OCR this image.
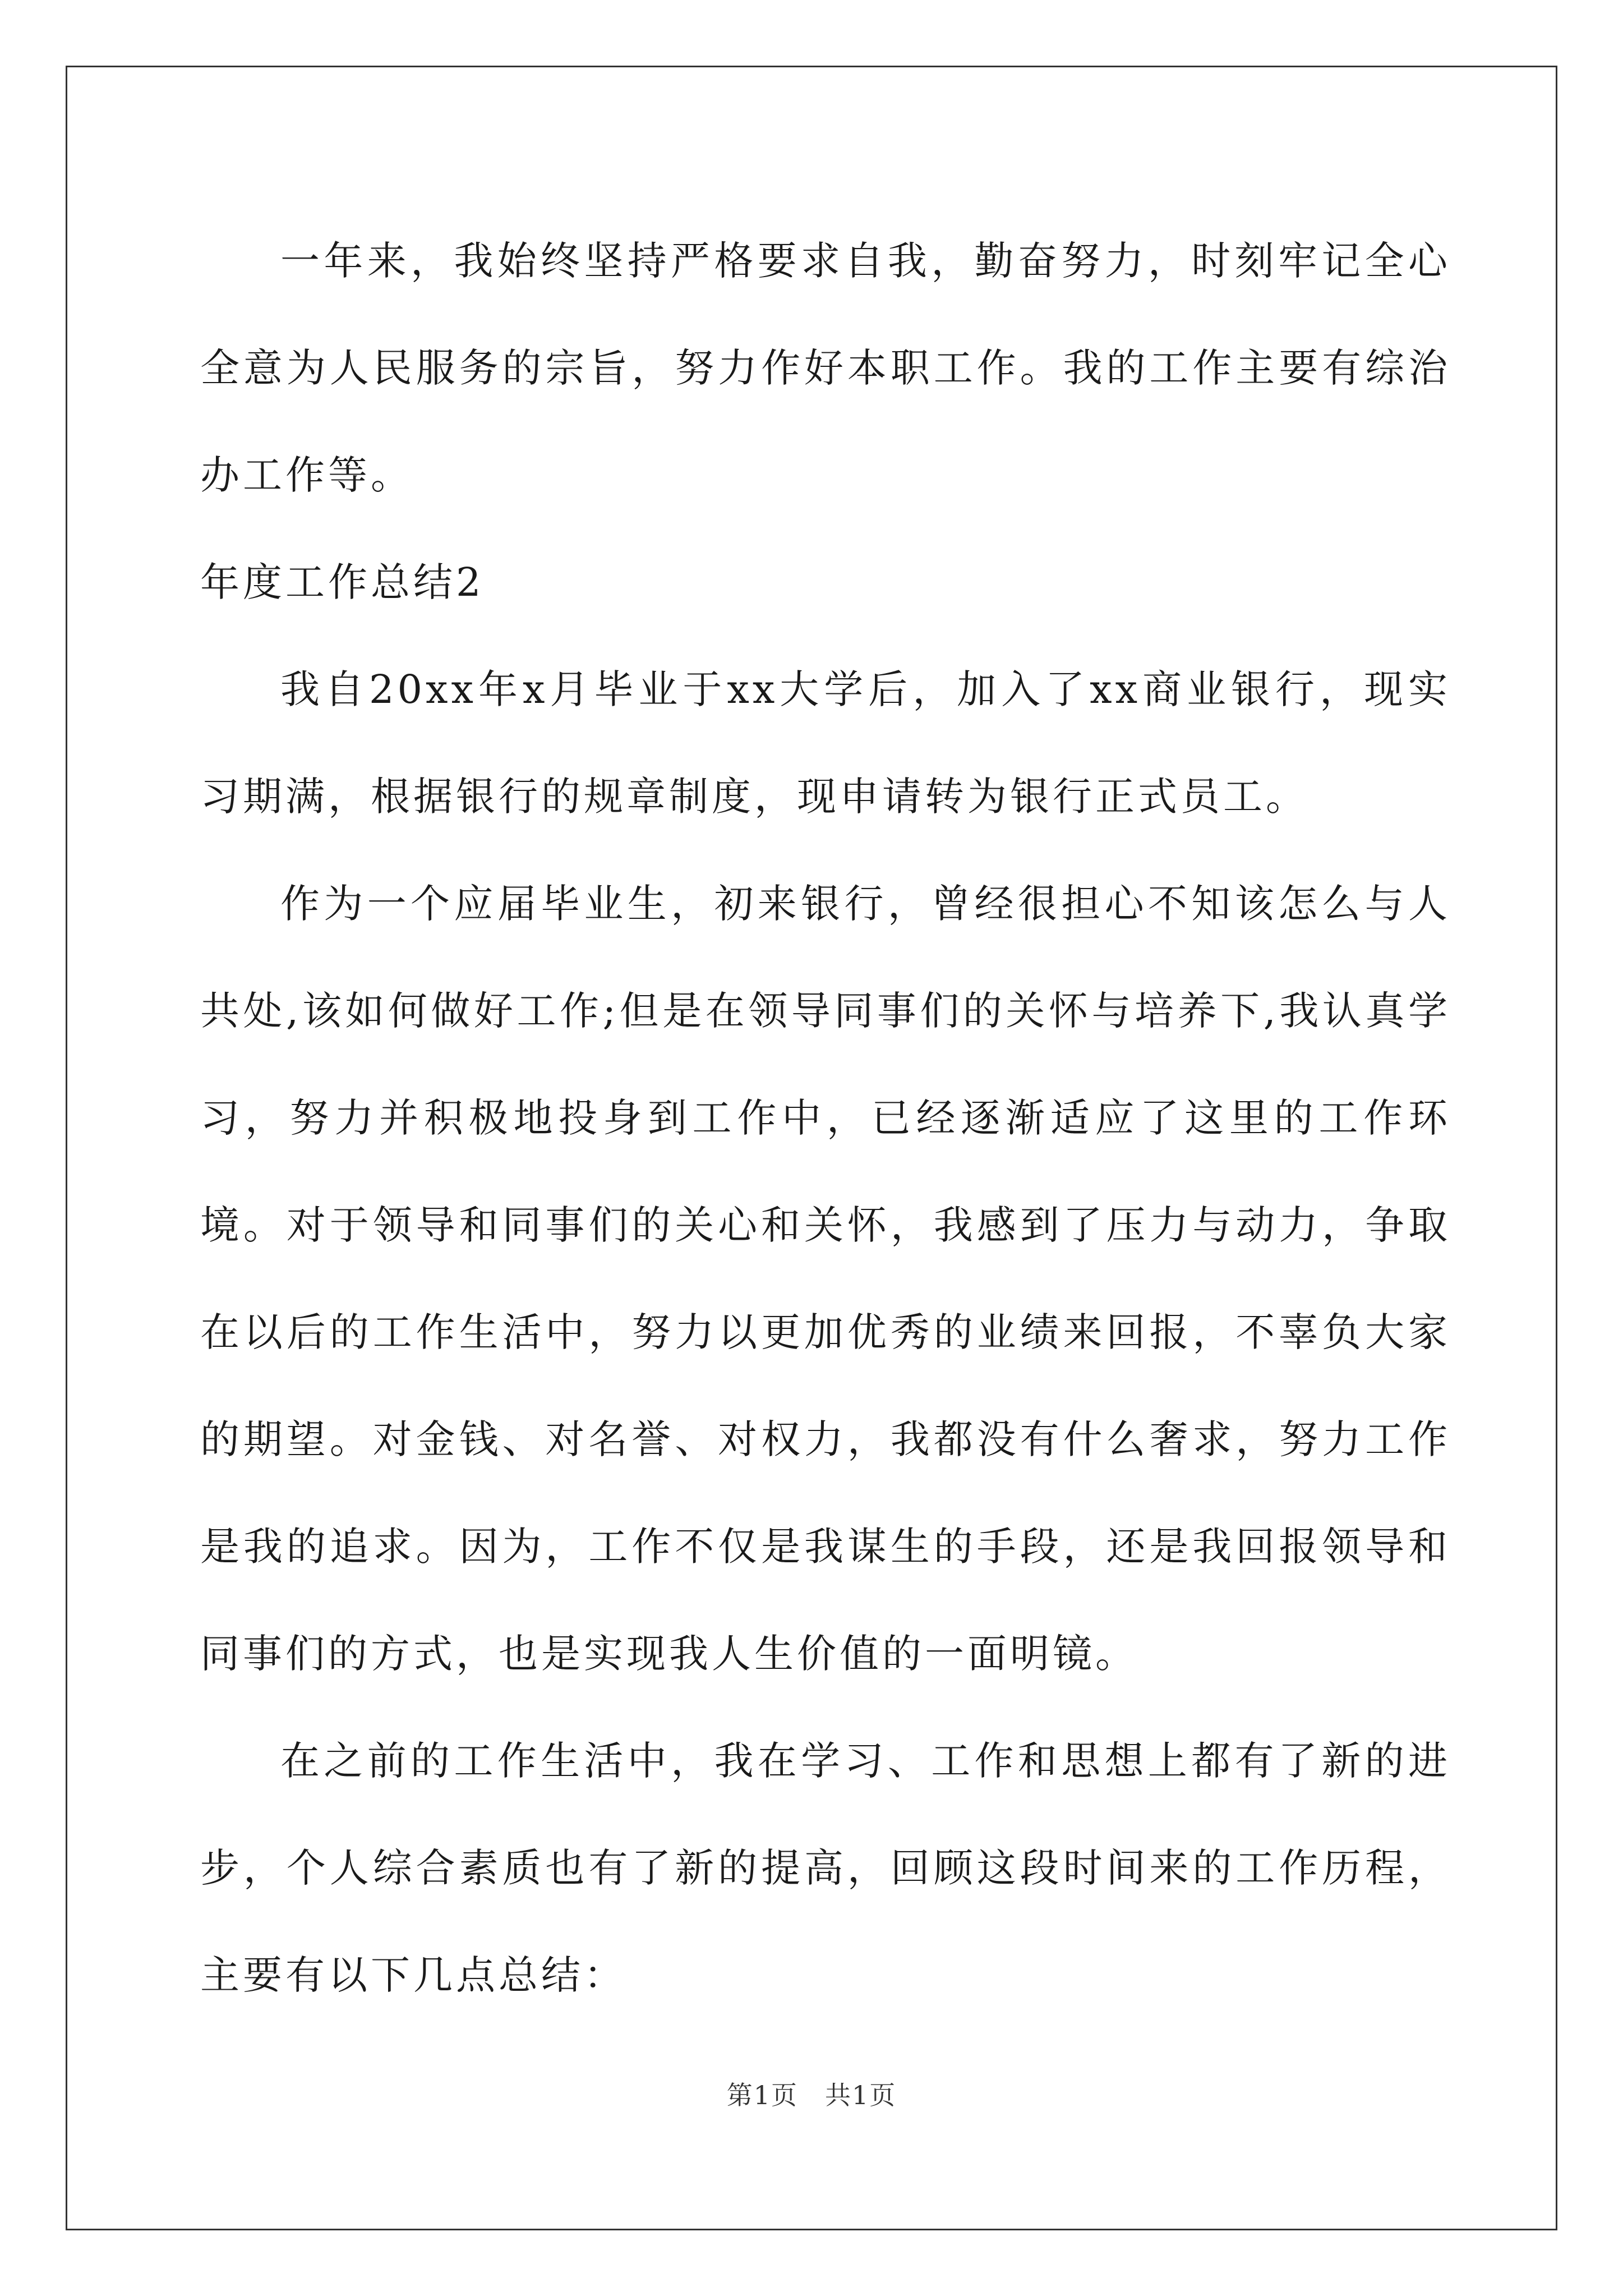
一年来，我始终坚持严格要求自我，勤奋努力，时刻牢记全心全意为人民服务的宗旨，努力作好本职工作。我的工作主要有综治办工作等。

年度工作总结2

我自20xx年x月毕业于xx大学后，加入了xx商业银行，现实习期满，根据银行的规章制度，现申请转为银行正式员工。

作为一个应届毕业生，初来银行，曾经很担心不知该怎么与人共处,该如何做好工作;但是在领导同事们的关怀与培养下,我认真学习，努力并积极地投身到工作中，已经逐渐适应了这里的工作环境。对于领导和同事们的关心和关怀，我感到了压力与动力，争取在以后的工作生活中，努力以更加优秀的业绩来回报，不辜负大家的期望。对金钱、对名誉、对权力，我都没有什么奢求，努力工作是我的追求。因为，工作不仅是我谋生的手段，还是我回报领导和同事们的方式，也是实现我人生价值的一面明镜。

在之前的工作生活中，我在学习、工作和思想上都有了新的进步，个人综合素质也有了新的提高，回顾这段时间来的工作历程，主要有以下几点总结：

第1页　共1页
